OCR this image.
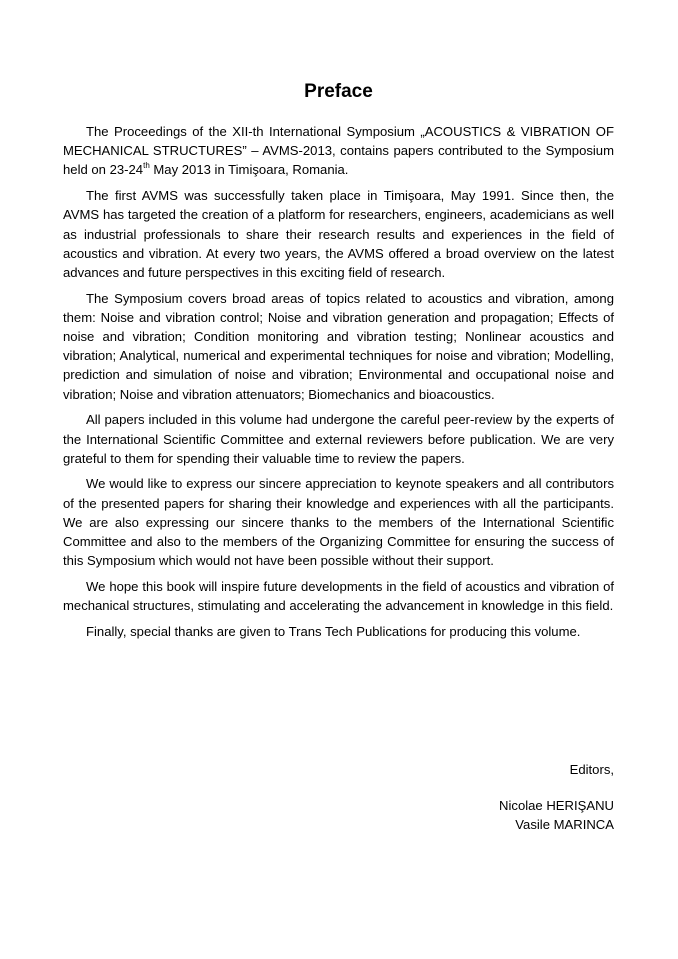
Preface

The Proceedings of the XII-th International Symposium „ACOUSTICS & VIBRATION OF MECHANICAL STRUCTURES” – AVMS-2013, contains papers contributed to the Symposium held on 23-24th May 2013 in Timişoara, Romania.

The first AVMS was successfully taken place in Timişoara, May 1991. Since then, the AVMS has targeted the creation of a platform for researchers, engineers, academicians as well as industrial professionals to share their research results and experiences in the field of acoustics and vibration. At every two years, the AVMS offered a broad overview on the latest advances and future perspectives in this exciting field of research.

The Symposium covers broad areas of topics related to acoustics and vibration, among them: Noise and vibration control; Noise and vibration generation and propagation; Effects of noise and vibration; Condition monitoring and vibration testing; Nonlinear acoustics and vibration; Analytical, numerical and experimental techniques for noise and vibration; Modelling, prediction and simulation of noise and vibration; Environmental and occupational noise and vibration; Noise and vibration attenuators; Biomechanics and bioacoustics.

All papers included in this volume had undergone the careful peer-review by the experts of the International Scientific Committee and external reviewers before publication. We are very grateful to them for spending their valuable time to review the papers.

We would like to express our sincere appreciation to keynote speakers and all contributors of the presented papers for sharing their knowledge and experiences with all the participants. We are also expressing our sincere thanks to the members of the International Scientific Committee and also to the members of the Organizing Committee for ensuring the success of this Symposium which would not have been possible without their support.

We hope this book will inspire future developments in the field of acoustics and vibration of mechanical structures, stimulating and accelerating the advancement in knowledge in this field.

Finally, special thanks are given to Trans Tech Publications for producing this volume.

Editors,
Nicolae HERIŞANU
Vasile MARINCA
